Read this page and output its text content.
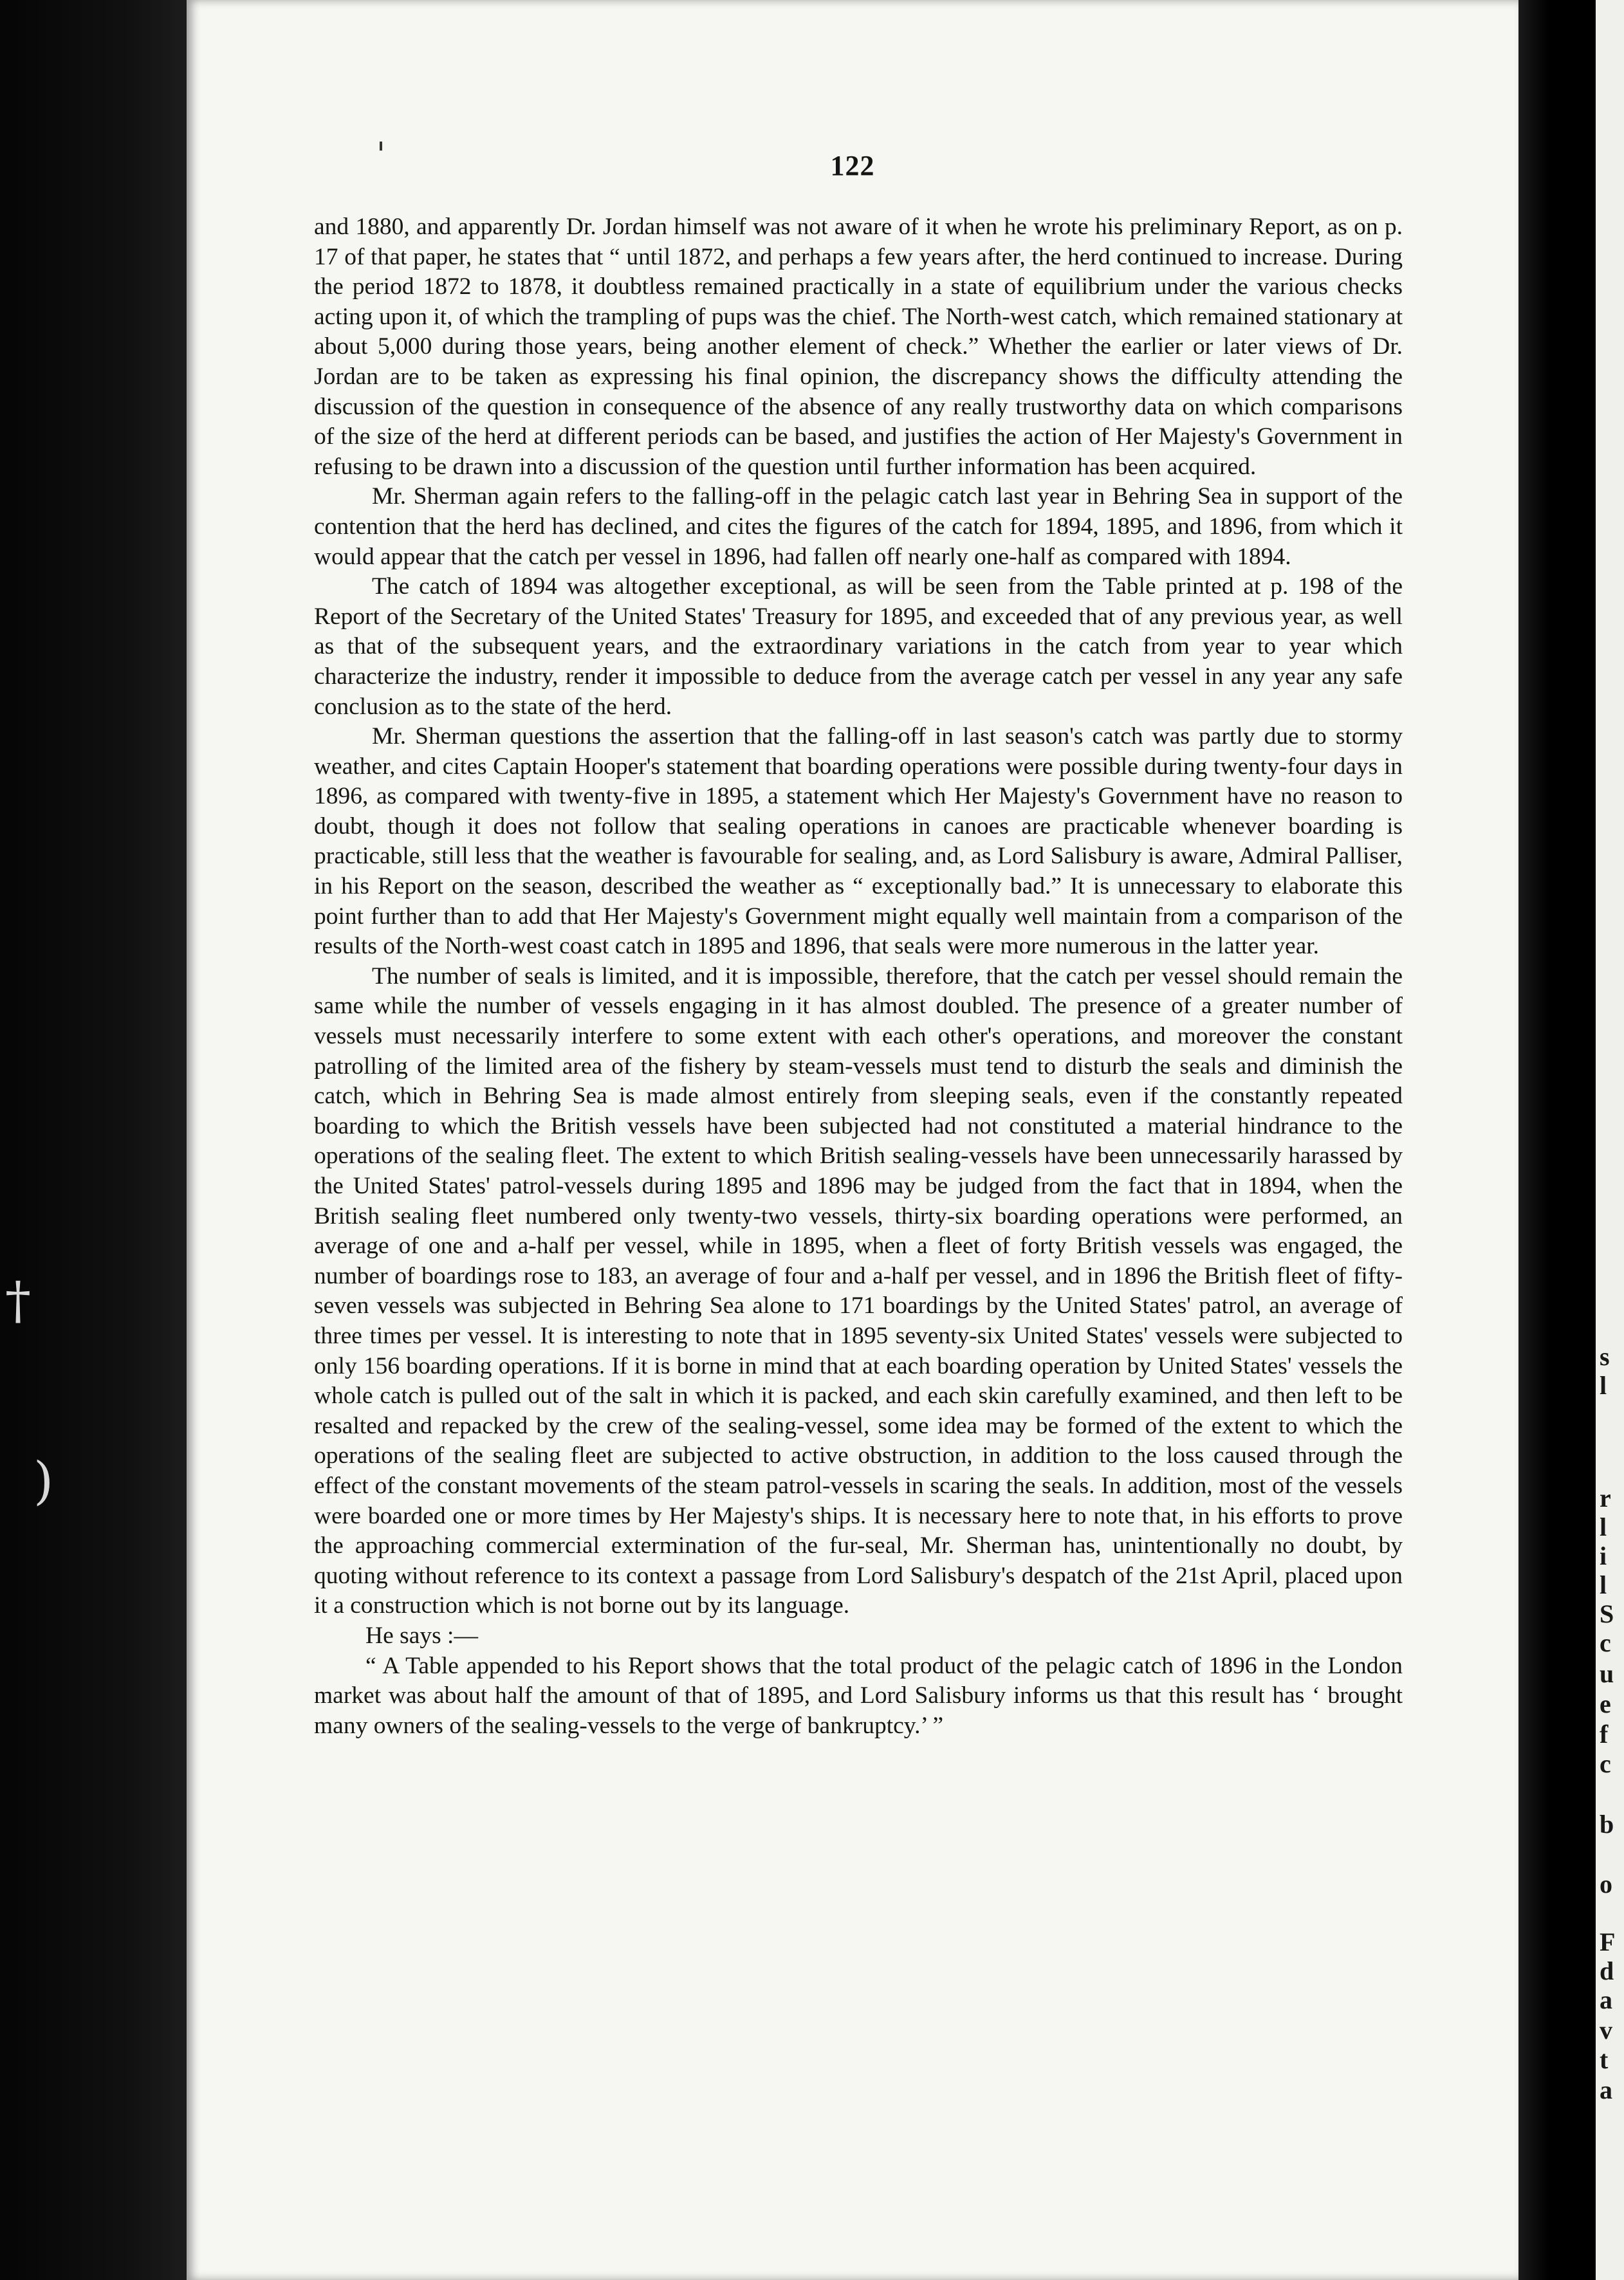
†
)
122

and 1880, and apparently Dr. Jordan himself was not aware of it when he wrote his preliminary Report, as on p. 17 of that paper, he states that “ until 1872, and perhaps a few years after, the herd continued to increase. During the period 1872 to 1878, it doubtless remained practically in a state of equilibrium under the various checks acting upon it, of which the trampling of pups was the chief. The North-west catch, which remained stationary at about 5,000 during those years, being another element of check.” Whether the earlier or later views of Dr. Jordan are to be taken as expressing his final opinion, the discrepancy shows the difficulty attending the discussion of the question in consequence of the absence of any really trustworthy data on which comparisons of the size of the herd at different periods can be based, and justifies the action of Her Majesty's Government in refusing to be drawn into a discussion of the question until further information has been acquired.

Mr. Sherman again refers to the falling-off in the pelagic catch last year in Behring Sea in support of the contention that the herd has declined, and cites the figures of the catch for 1894, 1895, and 1896, from which it would appear that the catch per vessel in 1896, had fallen off nearly one-half as compared with 1894.

The catch of 1894 was altogether exceptional, as will be seen from the Table printed at p. 198 of the Report of the Secretary of the United States' Treasury for 1895, and exceeded that of any previous year, as well as that of the subsequent years, and the extraordinary variations in the catch from year to year which characterize the industry, render it impossible to deduce from the average catch per vessel in any year any safe conclusion as to the state of the herd.

Mr. Sherman questions the assertion that the falling-off in last season's catch was partly due to stormy weather, and cites Captain Hooper's statement that boarding operations were possible during twenty-four days in 1896, as compared with twenty-five in 1895, a statement which Her Majesty's Government have no reason to doubt, though it does not follow that sealing operations in canoes are practicable whenever boarding is practicable, still less that the weather is favourable for sealing, and, as Lord Salisbury is aware, Admiral Palliser, in his Report on the season, described the weather as “ exceptionally bad.” It is unnecessary to elaborate this point further than to add that Her Majesty's Government might equally well maintain from a comparison of the results of the North-west coast catch in 1895 and 1896, that seals were more numerous in the latter year.

The number of seals is limited, and it is impossible, therefore, that the catch per vessel should remain the same while the number of vessels engaging in it has almost doubled. The presence of a greater number of vessels must necessarily interfere to some extent with each other's operations, and moreover the constant patrolling of the limited area of the fishery by steam-vessels must tend to disturb the seals and diminish the catch, which in Behring Sea is made almost entirely from sleeping seals, even if the constantly repeated boarding to which the British vessels have been subjected had not constituted a material hindrance to the operations of the sealing fleet. The extent to which British sealing-vessels have been unnecessarily harassed by the United States' patrol-vessels during 1895 and 1896 may be judged from the fact that in 1894, when the British sealing fleet numbered only twenty-two vessels, thirty-six boarding operations were performed, an average of one and a-half per vessel, while in 1895, when a fleet of forty British vessels was engaged, the number of boardings rose to 183, an average of four and a-half per vessel, and in 1896 the British fleet of fifty-seven vessels was subjected in Behring Sea alone to 171 boardings by the United States' patrol, an average of three times per vessel. It is interesting to note that in 1895 seventy-six United States' vessels were subjected to only 156 boarding operations. If it is borne in mind that at each boarding operation by United States' vessels the whole catch is pulled out of the salt in which it is packed, and each skin carefully examined, and then left to be resalted and repacked by the crew of the sealing-vessel, some idea may be formed of the extent to which the operations of the sealing fleet are subjected to active obstruction, in addition to the loss caused through the effect of the constant movements of the steam patrol-vessels in scaring the seals. In addition, most of the vessels were boarded one or more times by Her Majesty's ships. It is necessary here to note that, in his efforts to prove the approaching commercial extermination of the fur-seal, Mr. Sherman has, unintentionally no doubt, by quoting without reference to its context a passage from Lord Salisbury's despatch of the 21st April, placed upon it a construction which is not borne out by its language.

He says :—

“ A Table appended to his Report shows that the total product of the pelagic catch of 1896 in the London market was about half the amount of that of 1895, and Lord Salisbury informs us that this result has ‘ brought many owners of the sealing-vessels to the verge of bankruptcy.’ ”

s
l
r
l
i
l
S
c
u
e
f
c
b
o
F
d
a
v
t
a
